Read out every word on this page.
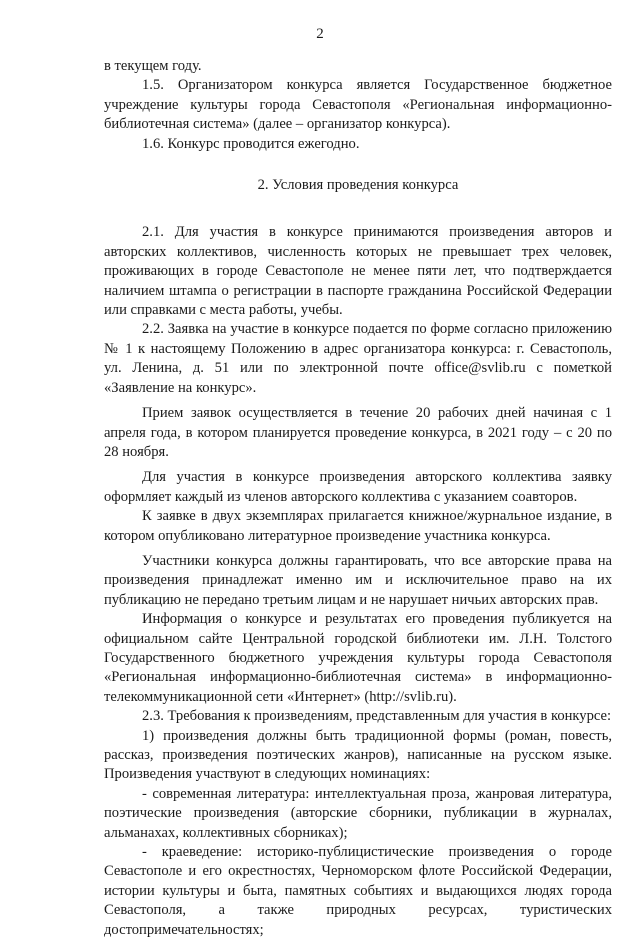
2

в текущем году.

1.5. Организатором конкурса является Государственное бюджетное учреждение культуры города Севастополя «Региональная информационно-библиотечная система» (далее – организатор конкурса).

1.6. Конкурс проводится ежегодно.

2. Условия проведения конкурса

2.1. Для участия в конкурсе принимаются произведения авторов и авторских коллективов, численность которых не превышает трех человек, проживающих в городе Севастополе не менее пяти лет, что подтверждается наличием штампа о регистрации в паспорте гражданина Российской Федерации или справками с места работы, учебы.

2.2. Заявка на участие в конкурсе подается по форме согласно приложению № 1 к настоящему Положению в адрес организатора конкурса: г. Севастополь, ул. Ленина, д. 51 или по электронной почте office@svlib.ru с пометкой «Заявление на конкурс».

Прием заявок осуществляется в течение 20 рабочих дней начиная с 1 апреля года, в котором планируется проведение конкурса, в 2021 году – с 20 по 28 ноября.

Для участия в конкурсе произведения авторского коллектива заявку оформляет каждый из членов авторского коллектива с указанием соавторов.

К заявке в двух экземплярах прилагается книжное/журнальное издание, в котором опубликовано литературное произведение участника конкурса.

Участники конкурса должны гарантировать, что все авторские права на произведения принадлежат именно им и исключительное право на их публикацию не передано третьим лицам и не нарушает ничьих авторских прав.

Информация о конкурсе и результатах его проведения публикуется на официальном сайте Центральной городской библиотеки им. Л.Н. Толстого Государственного бюджетного учреждения культуры города Севастополя «Региональная информационно-библиотечная система» в информационно-телекоммуникационной сети «Интернет» (http://svlib.ru).

2.3. Требования к произведениям, представленным для участия в конкурсе:

1) произведения должны быть традиционной формы (роман, повесть, рассказ, произведения поэтических жанров), написанные на русском языке. Произведения участвуют в следующих номинациях:

- современная литература: интеллектуальная проза, жанровая литература, поэтические произведения (авторские сборники, публикации в журналах, альманахах, коллективных сборниках);

- краеведение: историко-публицистические произведения о городе Севастополе и его окрестностях, Черноморском флоте Российской Федерации, истории культуры и быта, памятных событиях и выдающихся людях города Севастополя, а также природных ресурсах, туристических достопримечательностях;
